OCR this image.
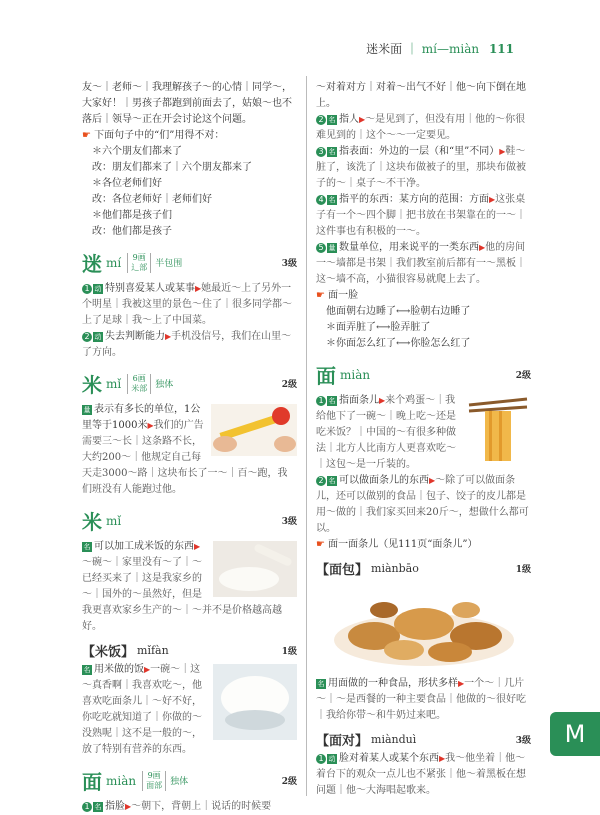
迷米面 ｜ mí—miàn 111

友～｜老师～｜我理解孩子～的心情｜同学～，大家好！｜男孩子都跑到前面去了，姑娘～也不落后｜领导～正在开会讨论这个问题。

☛ 下面句子中的“们”用得不对：

＊六个朋友们都来了

改：朋友们都来了｜六个朋友都来了

＊各位老师们好

改：各位老师好｜老师们好

＊他们都是孩子们

改：他们都是孩子

迷 mí	9画
辶部 半包围	3级

1 动 特别喜爱某人或某事▶她最近～上了另外一个明星｜我被这里的景色～住了｜很多同学都～上了足球｜我～上了中国菜。

2 动 失去判断能力▶手机没信号，我们在山里～了方向。

米 mǐ	6画
米部 独体	2级

量 表示有多长的单位，1公里等于1000米▶我们的广告需要三～长｜这条路不长，大约200～｜他规定自己每天走3000～路｜这块布长了一～｜百～跑，我们班没有人能跑过他。

米 mǐ	3级

名 可以加工成米饭的东西▶～碗～｜家里没有～了｜～已经买来了｜这是我家乡的～｜国外的～虽然好，但是我更喜欢家乡生产的～｜～并不是价格越高越好。

【米饭】 mǐfàn	1级

名 用米做的饭▶一碗～｜这～真香啊｜我喜欢吃～，他喜欢吃面条儿｜～好不好，你吃吃就知道了｜你做的～没熟呢｜这不是一般的～，放了特别有营养的东西。

面 miàn	9画
面部 独体	2级

1 名 指脸▶～朝下，背朝上｜说话的时候要

～对着对方｜对着～出气不好｜他～向下倒在地上。

2 名 指人▶～是见到了，但没有用｜他的～你很难见到的｜这个～～一定要见。

3 名 指表面：外边的一层（和“里”不同）▶鞋～脏了，该洗了｜这块布做被子的里，那块布做被子的～｜桌子～不干净。

4 名 指平的东西：某方向的范围：方面▶这张桌子有一个～四个脚｜把书放在书架靠在的一～｜这件事也有积极的一～。

5 量 数量单位，用来说平的一类东西▶他的房间一～墙都是书架｜我们教室前后都有一～黑板｜这～墙不高，小猫很容易就爬上去了。

☛ 面一脸

他面朝右边睡了⟷脸朝右边睡了

＊面弄脏了⟷脸弄脏了

＊你面怎么红了⟷你脸怎么红了

面 miàn	2级

1 名 指面条儿▶来个鸡蛋～｜我给他下了一碗～｜晚上吃～还是吃米饭？｜中国的～有很多种做法｜北方人比南方人更喜欢吃～｜这包～是一斤装的。

2 名 可以做面条儿的东西▶～除了可以做面条儿，还可以做别的食品｜包子、饺子的皮儿都是用～做的｜我们家买回来20斤～，想做什么都可以。

☛ 面一面条儿（见111页“面条儿”）

【面包】 miànbāo	1级

名 用面做的一种食品，形状多样▶一个～｜几片～｜～是西餐的一种主要食品｜他做的～很好吃｜我给你带～和牛奶过来吧。

【面对】 miànduì	3级

1 动 脸对着某人或某个东西▶我～他坐着｜他～着台下的观众一点儿也不紧张｜他～着黑板在想问题｜他～大海唱起歌来。

M
